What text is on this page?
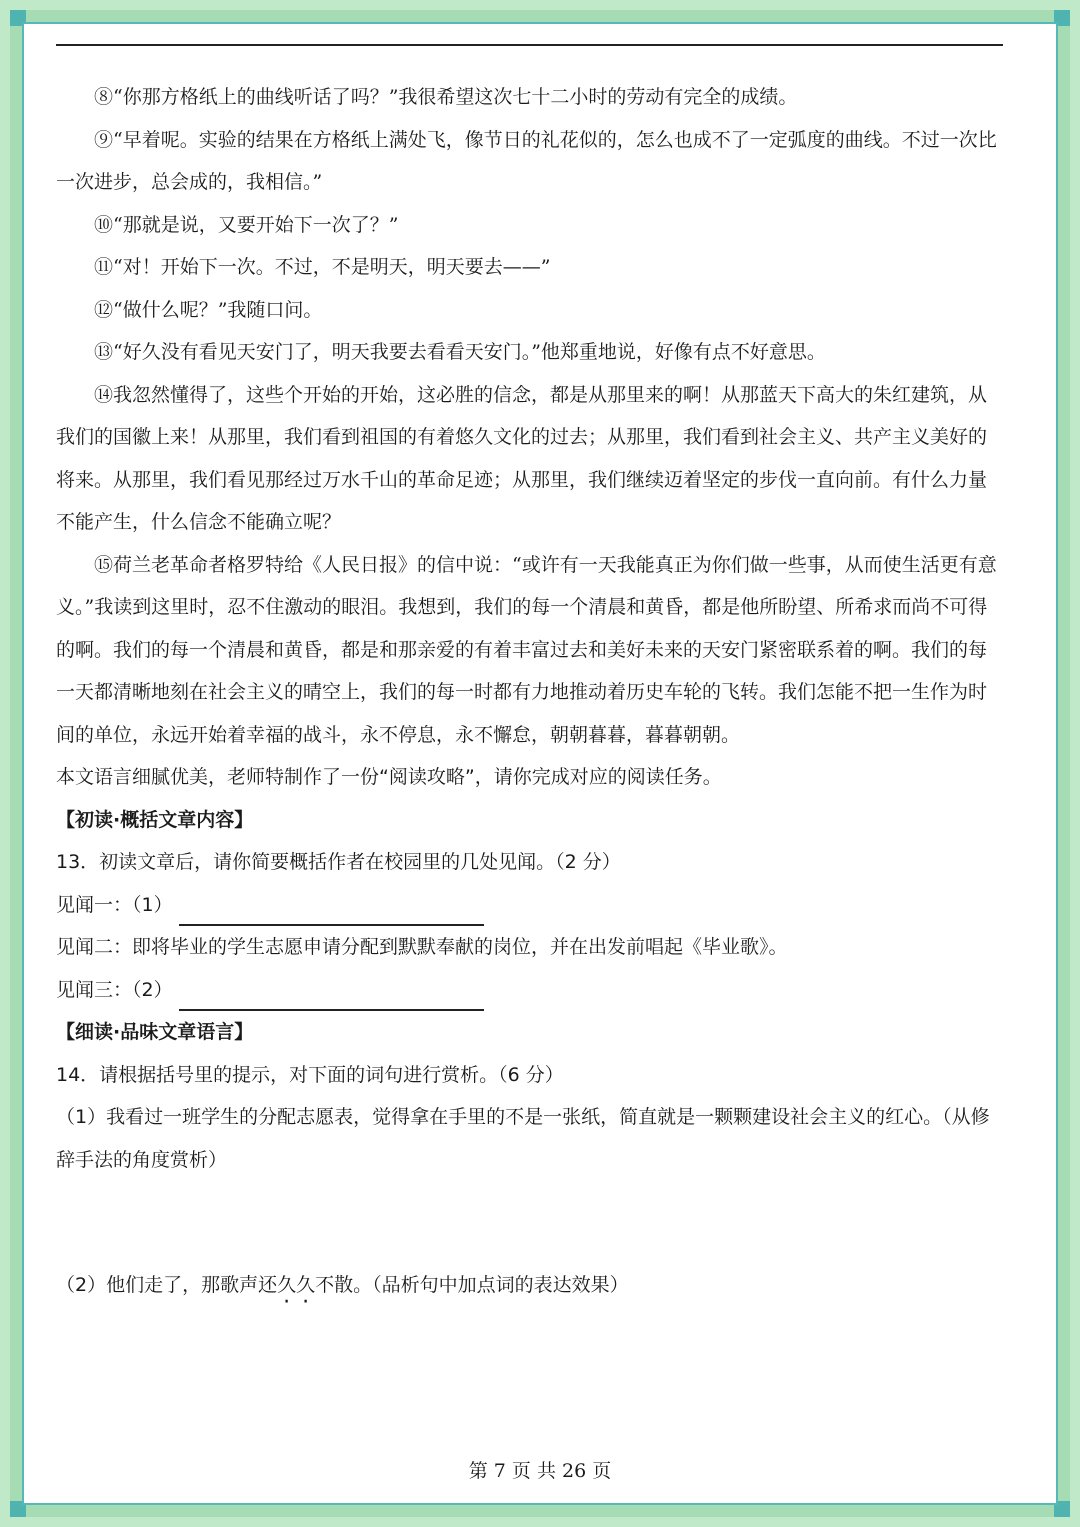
⑧“你那方格纸上的曲线听话了吗？”我很希望这次七十二小时的劳动有完全的成绩。

⑨“早着呢。实验的结果在方格纸上满处飞，像节日的礼花似的，怎么也成不了一定弧度的曲线。不过一次比一次进步，总会成的，我相信。”

⑩“那就是说，又要开始下一次了？”

⑪“对！开始下一次。不过，不是明天，明天要去——”

⑫“做什么呢？”我随口问。

⑬“好久没有看见天安门了，明天我要去看看天安门。”他郑重地说，好像有点不好意思。

⑭我忽然懂得了，这些个开始的开始，这必胜的信念，都是从那里来的啊！从那蓝天下高大的朱红建筑，从我们的国徽上来！从那里，我们看到祖国的有着悠久文化的过去；从那里，我们看到社会主义、共产主义美好的将来。从那里，我们看见那经过万水千山的革命足迹；从那里，我们继续迈着坚定的步伐一直向前。有什么力量不能产生，什么信念不能确立呢？

⑮荷兰老革命者格罗特给《人民日报》的信中说：“或许有一天我能真正为你们做一些事，从而使生活更有意义。”我读到这里时，忍不住激动的眼泪。我想到，我们的每一个清晨和黄昏，都是他所盼望、所希求而尚不可得的啊。我们的每一个清晨和黄昏，都是和那亲爱的有着丰富过去和美好未来的天安门紧密联系着的啊。我们的每一天都清晰地刻在社会主义的晴空上，我们的每一时都有力地推动着历史车轮的飞转。我们怎能不把一生作为时间的单位，永远开始着幸福的战斗，永不停息，永不懈怠，朝朝暮暮，暮暮朝朝。

本文语言细腻优美，老师特制作了一份“阅读攻略”，请你完成对应的阅读任务。

【初读·概括文章内容】

13．初读文章后，请你简要概括作者在校园里的几处见闻。（2 分）

见闻一：（1）

见闻二：即将毕业的学生志愿申请分配到默默奉献的岗位，并在出发前唱起《毕业歌》。

见闻三：（2）

【细读·品味文章语言】

14．请根据括号里的提示，对下面的词句进行赏析。（6 分）

（1）我看过一班学生的分配志愿表，觉得拿在手里的不是一张纸，简直就是一颗颗建设社会主义的红心。（从修辞手法的角度赏析）

（2）他们走了，那歌声还久久不散。（品析句中加点词的表达效果）

第 7 页 共 26 页
